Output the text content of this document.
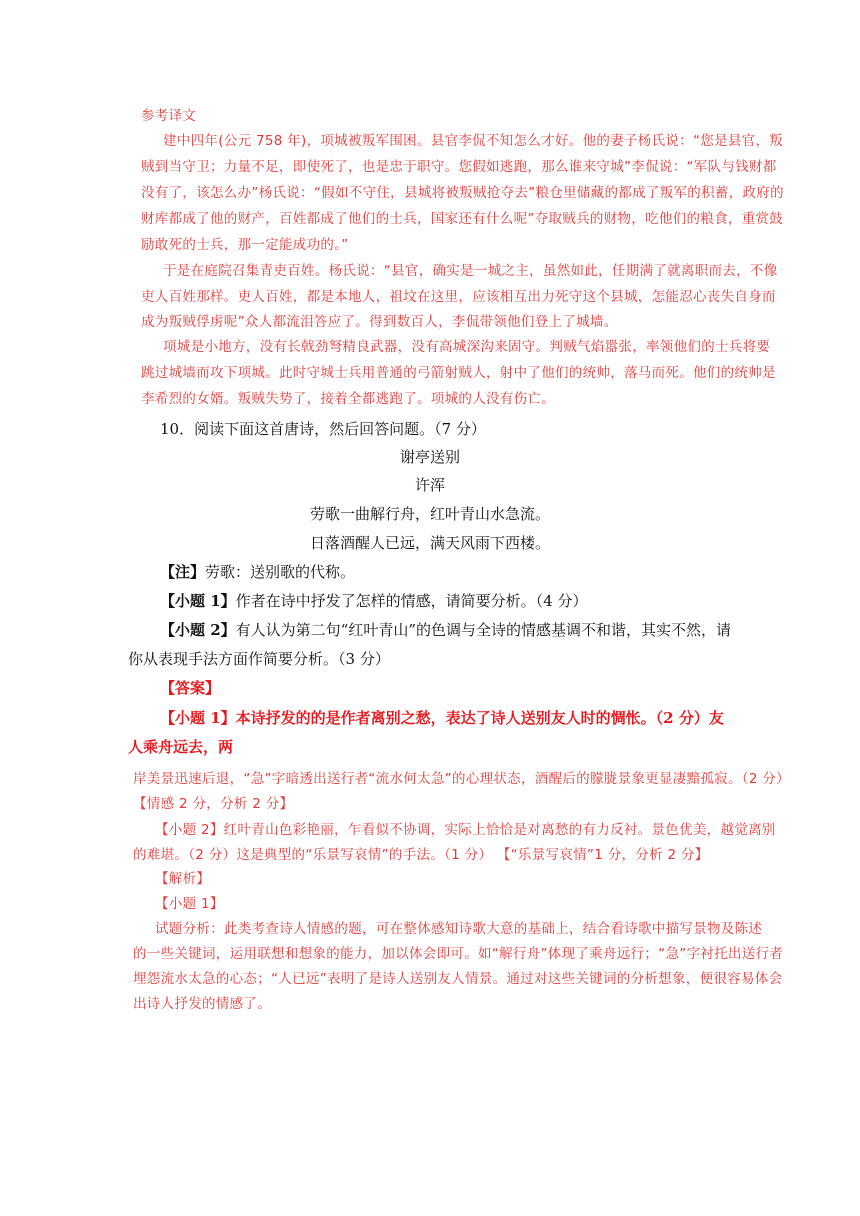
参考译文
建中四年(公元 758 年)，项城被叛军围困。县官李侃不知怎么才好。他的妻子杨氏说：“您是县官，叛
贼到当守卫；力量不足，即使死了，也是忠于职守。您假如逃跑，那么谁来守城”李侃说：“军队与钱财都
没有了，该怎么办”杨氏说：“假如不守住，县城将被叛贼抢夺去”粮仓里储藏的都成了叛军的积蓄，政府的
财库都成了他的财产，百姓都成了他们的士兵，国家还有什么呢”夺取贼兵的财物，吃他们的粮食，重赏鼓
励敢死的士兵，那一定能成功的。”
于是在庭院召集青吏百姓。杨氏说：“县官，确实是一城之主，虽然如此，任期满了就离职而去，不像
吏人百姓那样。吏人百姓，都是本地人，祖坟在这里，应该相互出力死守这个县城，怎能忍心丧失自身而
成为叛贼俘虏呢”众人都流泪答应了。得到数百人，李侃带领他们登上了城墙。
项城是小地方，没有长戟劲弩精良武器，没有高城深沟来固守。判贼气焰嚣张，率领他们的士兵将要
跳过城墙而攻下项城。此时守城士兵用普通的弓箭射贼人，射中了他们的统帅，落马而死。他们的统帅是
李希烈的女婿。叛贼失势了，接着全都逃跑了。项城的人没有伤亡。
10．阅读下面这首唐诗，然后回答问题。（7 分）
谢亭送别
许浑
劳歌一曲解行舟，红叶青山水急流。
日落酒醒人已远，满天风雨下西楼。
【注】劳歌：送别歌的代称。
【小题 1】作者在诗中抒发了怎样的情感，请简要分析。（4 分）
【小题 2】有人认为第二句“红叶青山”的色调与全诗的情感基调不和谐，其实不然，请
你从表现手法方面作简要分析。（3 分）
【答案】
【小题 1】本诗抒发的的是作者离别之愁，表达了诗人送别友人时的惆怅。（2 分）友
人乘舟远去，两
岸美景迅速后退，“急”字暗透出送行者“流水何太急”的心理状态，酒醒后的朦胧景象更显凄黯孤寂。（2 分）
【情感 2 分，分析 2 分】
【小题 2】红叶青山色彩艳丽，乍看似不协调，实际上恰恰是对离愁的有力反衬。景色优美，越觉离别
的难堪。（2 分）这是典型的“乐景写哀情”的手法。（1 分） 【“乐景写哀情”1 分，分析 2 分】
【解析】
【小题 1】
试题分析：此类考查诗人情感的题，可在整体感知诗歌大意的基础上，结合看诗歌中描写景物及陈述
的一些关键词，运用联想和想象的能力，加以体会即可。如“解行舟”体现了乘舟远行；“急”字衬托出送行者
埋怨流水太急的心态；“人已远”表明了是诗人送别友人情景。通过对这些关键词的分析想象，便很容易体会
出诗人抒发的情感了。
